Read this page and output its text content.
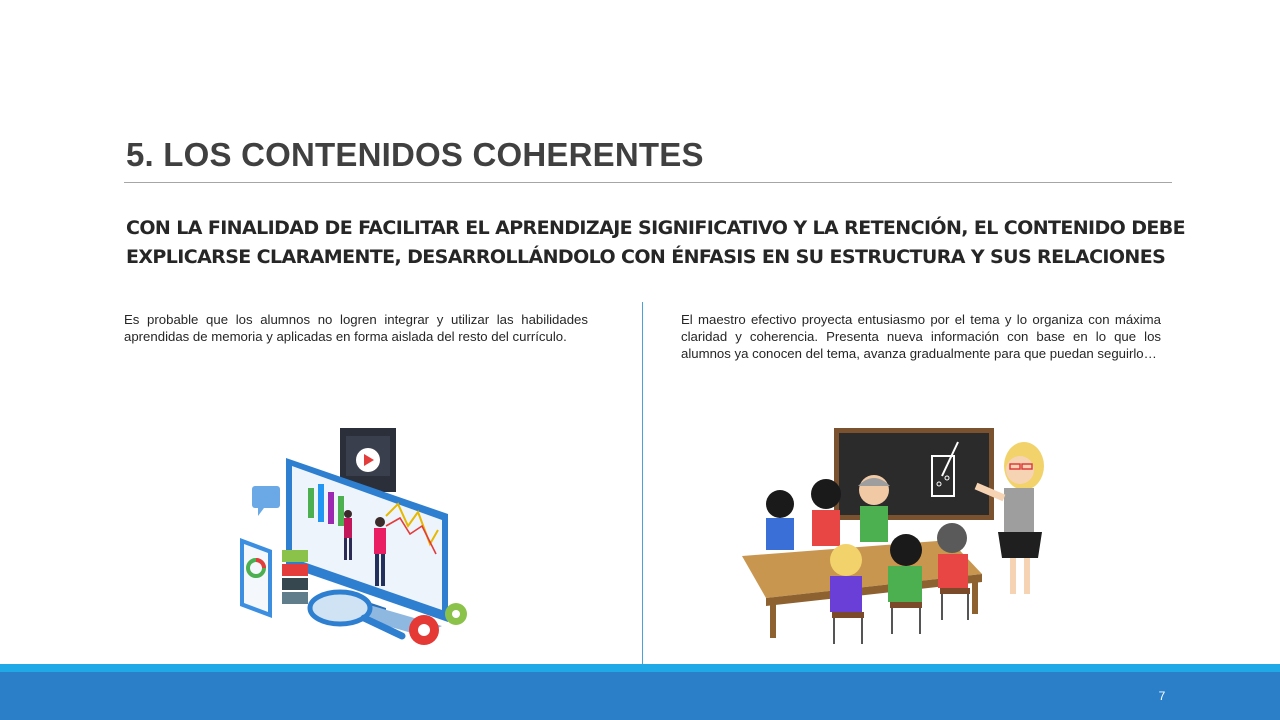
5. LOS CONTENIDOS COHERENTES

CON LA FINALIDAD DE FACILITAR EL APRENDIZAJE SIGNIFICATIVO Y LA RETENCIÓN, EL CONTENIDO DEBE EXPLICARSE CLARAMENTE, DESARROLLÁNDOLO CON ÉNFASIS EN SU ESTRUCTURA Y SUS RELACIONES

Es probable que los alumnos no logren integrar y utilizar las habilidades aprendidas de memoria y aplicadas en forma aislada del resto del currículo.

El maestro efectivo proyecta entusiasmo por el tema y lo organiza con máxima claridad y coherencia. Presenta nueva información con base en lo que los alumnos ya conocen del tema, avanza gradualmente para que puedan seguirlo…

7
